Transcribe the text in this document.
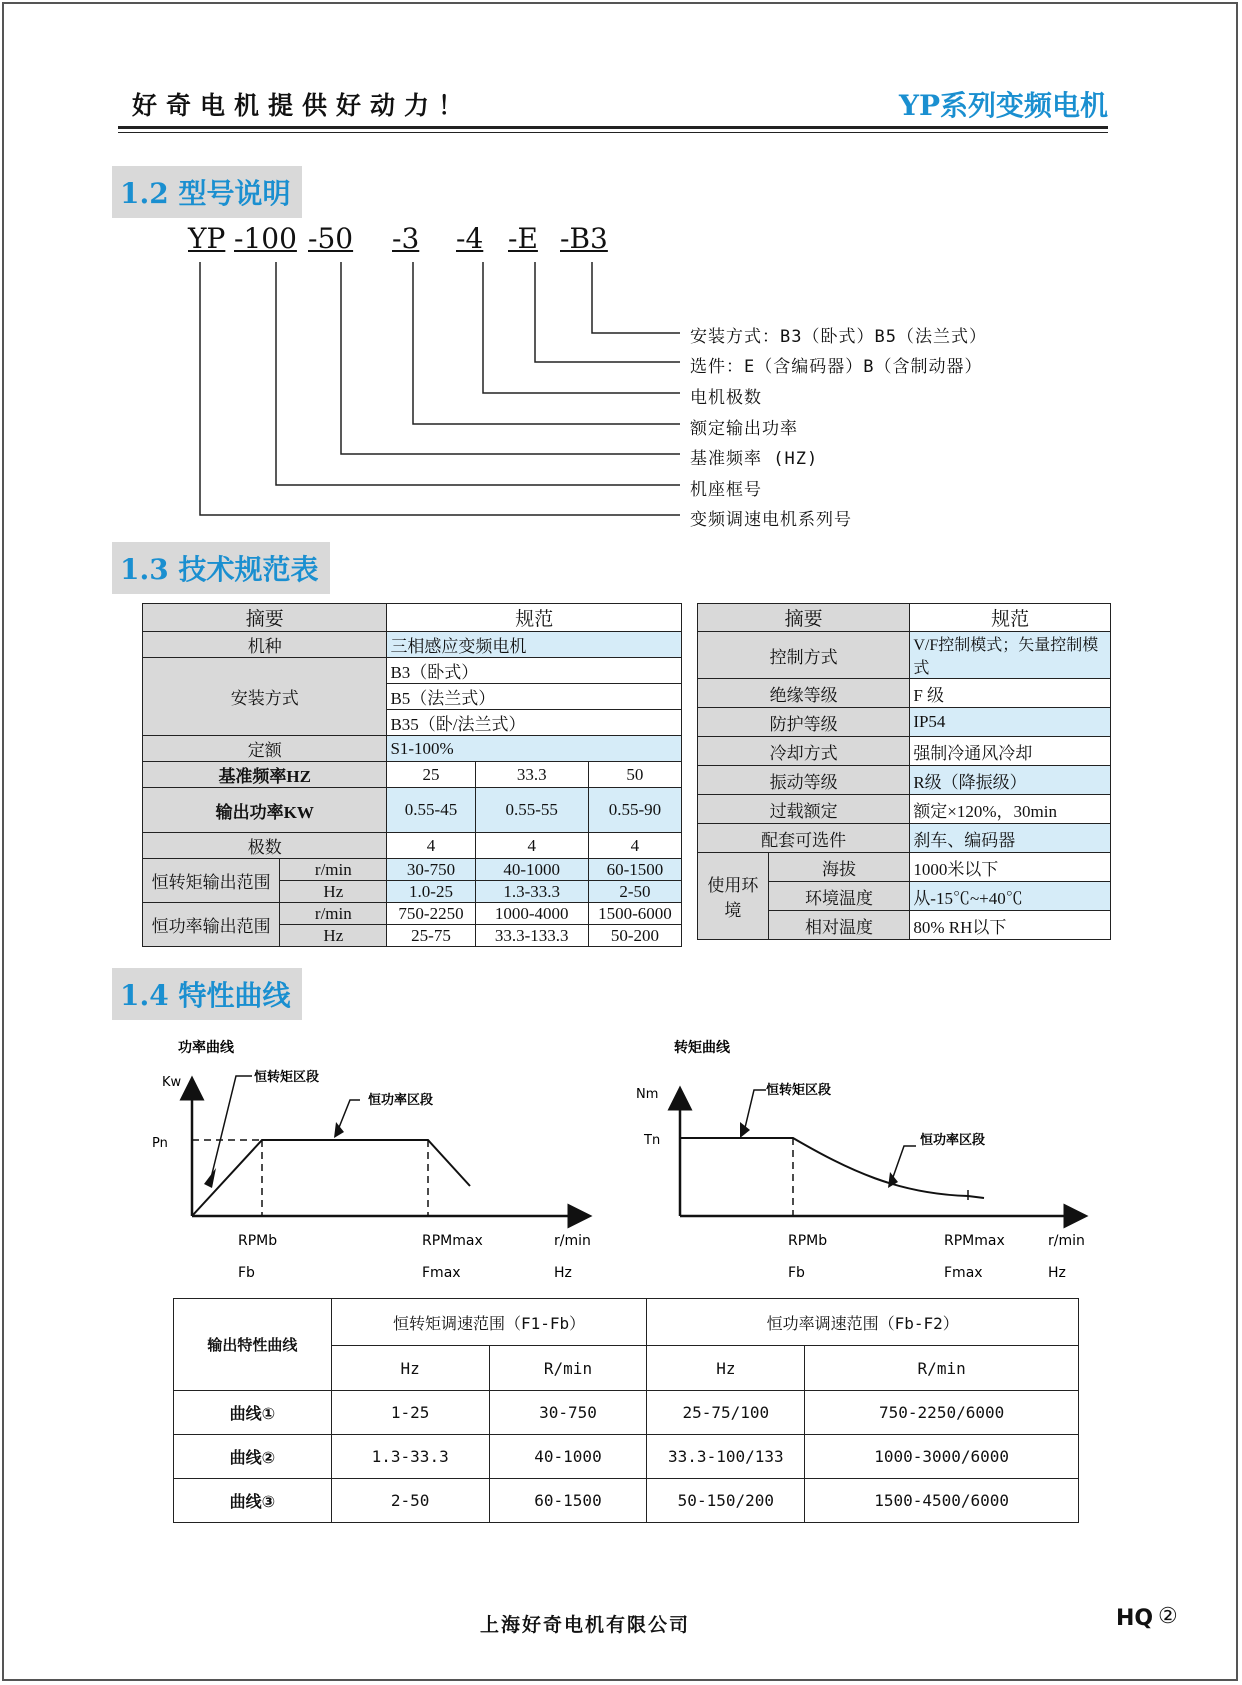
好奇电机提供好动力！	YP系列变频电机
1.2 型号说明
YP -100 -50 -3 -4 -E -B3
安装方式：B3（卧式）B5（法兰式）
选件：E（含编码器）B（含制动器）
电机极数
额定输出功率
基准频率 (HZ)
机座框号
变频调速电机系列号
1.3 技术规范表
摘要		规范		
机种		三相感应变频电机		
安装方式		B3（卧式）		
		B5（法兰式）		
		B35（卧/法兰式）		
定额		S1-100%		
基准频率HZ		25	33.3	50
输出功率KW		0.55-45	0.55-55	0.55-90
极数		4	4	4
恒转矩输出范围	r/min	30-750	40-1000	60-1500
	Hz	1.0-25	1.3-33.3	2-50
恒功率输出范围	r/min	750-2250	1000-4000	1500-6000
	Hz	25-75	33.3-133.3	50-200
摘要		规范
控制方式		V/F控制模式；矢量控制模式
绝缘等级		F 级
防护等级		IP54
冷却方式		强制冷通风冷却
振动等级		R级（降振级）
过载额定		额定×120%，30min
配套可选件		刹车、编码器
使用环境	海拔	1000米以下
	环境温度	从-15℃~+40℃
	相对温度	80% RH以下
1.4 特性曲线
功率曲线
Kw
Pn
恒转矩区段
恒功率区段
RPMb
Fb
RPMmax
Fmax
r/min
Hz
转矩曲线
Nm
Tn
恒转矩区段
恒功率区段
RPMb
Fb
RPMmax
Fmax
r/min
Hz
输出特性曲线	恒转矩调速范围（F1-Fb）		恒功率调速范围（Fb-F2）	
	Hz	R/min	Hz	R/min
曲线①	1-25	30-750	25-75/100	750-2250/6000
曲线②	1.3-33.3	40-1000	33.3-100/133	1000-3000/6000
曲线③	2-50	60-1500	50-150/200	1500-4500/6000
上海好奇电机有限公司	HQ ②
